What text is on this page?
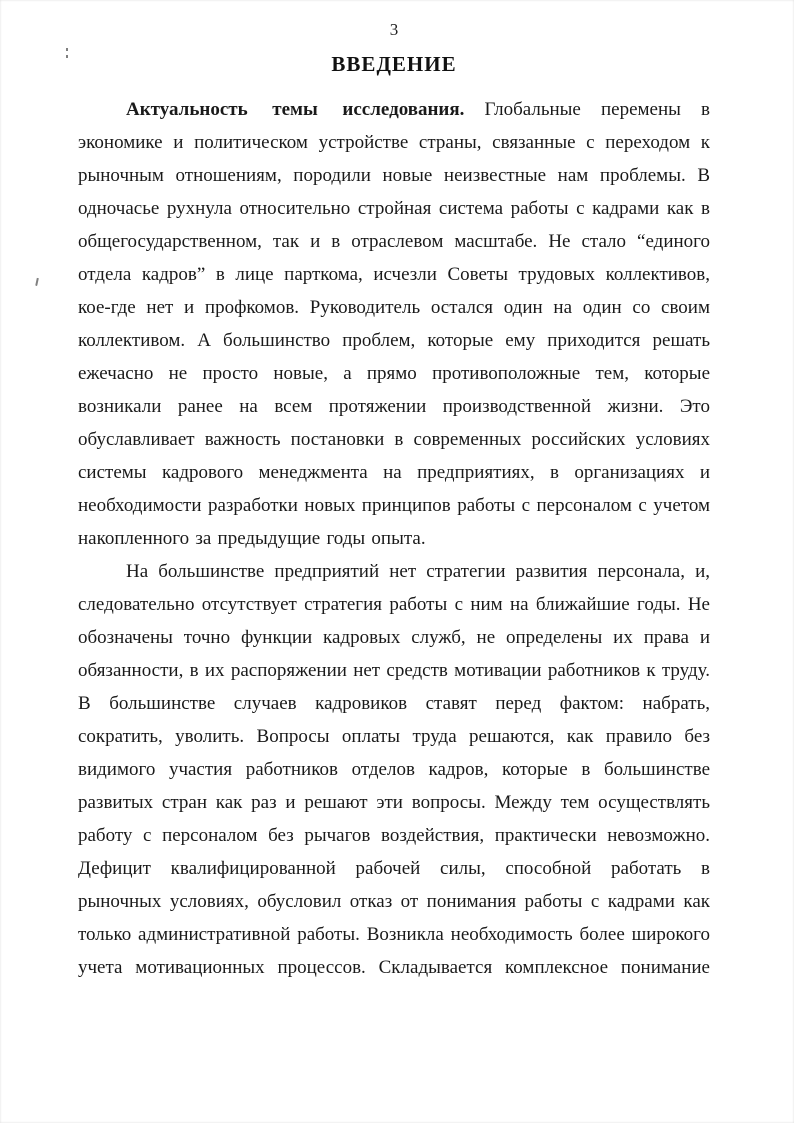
3
ВВЕДЕНИЕ

Актуальность темы исследования. Глобальные перемены в экономике и политическом устройстве страны, связанные с переходом к рыночным отношениям, породили новые неизвестные нам проблемы. В одночасье рухнула относительно стройная система работы с кадрами как в общегосударственном, так и в отраслевом масштабе. Не стало “единого отдела кадров” в лице парткома, исчезли Советы трудовых коллективов, кое-где нет и профкомов. Руководитель остался один на один со своим коллективом. А большинство проблем, которые ему приходится решать ежечасно не просто новые, а прямо противоположные тем, которые возникали ранее на всем протяжении производственной жизни. Это обуславливает важность постановки в современных российских условиях системы кадрового менеджмента на предприятиях, в организациях и необходимости разработки новых принципов работы с персоналом с учетом накопленного за предыдущие годы опыта.

На большинстве предприятий нет стратегии развития персонала, и, следовательно отсутствует стратегия работы с ним на ближайшие годы. Не обозначены точно функции кадровых служб, не определены их права и обязанности, в их распоряжении нет средств мотивации работников к труду. В большинстве случаев кадровиков ставят перед фактом: набрать, сократить, уволить. Вопросы оплаты труда решаются, как правило без видимого участия работников отделов кадров, которые в большинстве развитых стран как раз и решают эти вопросы. Между тем осуществлять работу с персоналом без рычагов воздействия, практически невозможно. Дефицит квалифицированной рабочей силы, способной работать в рыночных условиях, обусловил отказ от понимания работы с кадрами как только административной работы. Возникла необходимость более широкого учета мотивационных процессов. Складывается комплексное понимание
